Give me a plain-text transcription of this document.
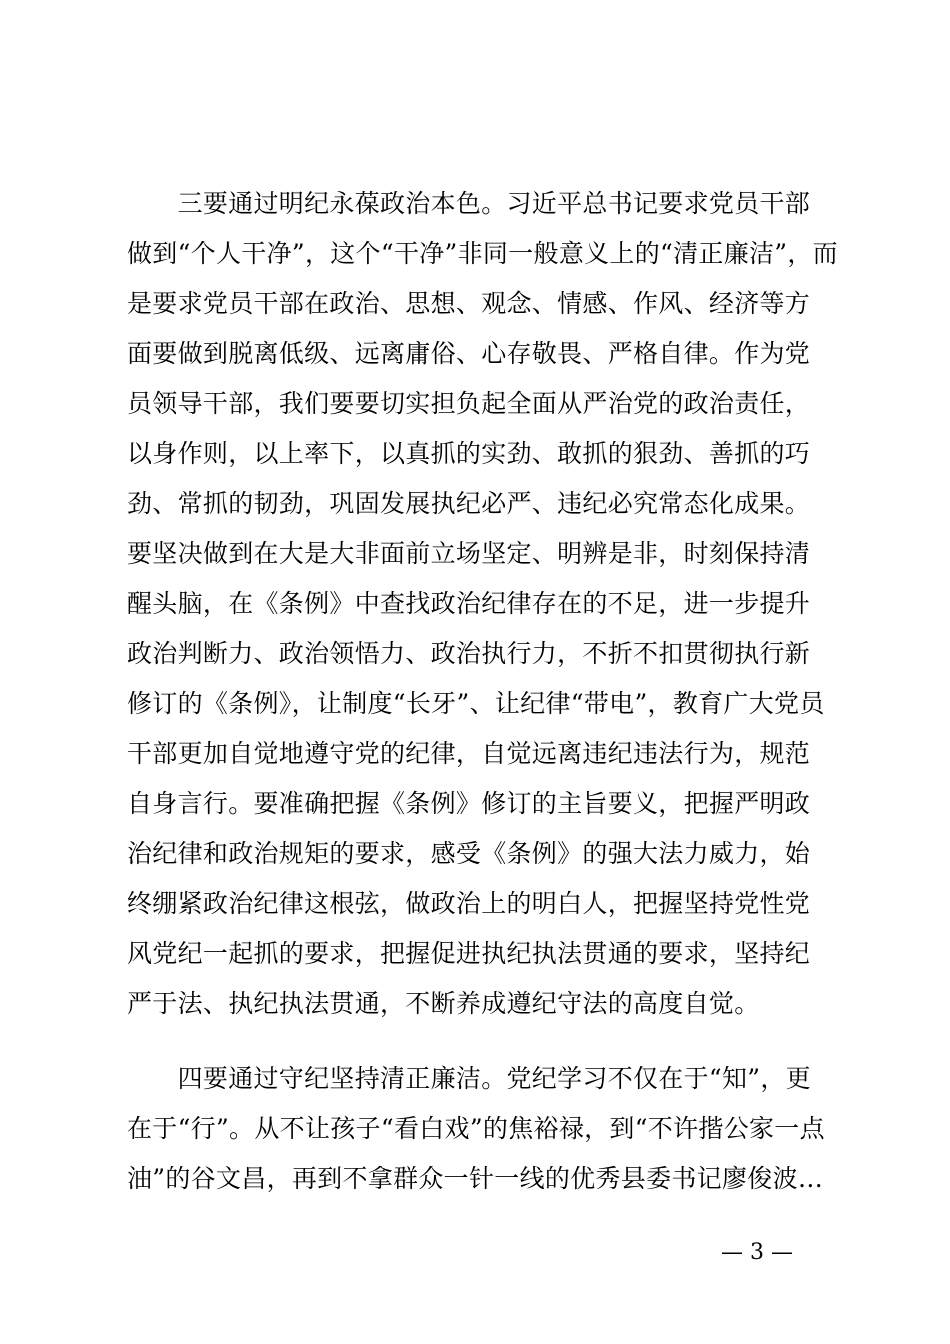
　　三要通过明纪永葆政治本色。习近平总书记要求党员干部
做到“个人干净”，这个“干净”非同一般意义上的“清正廉洁”，而
是要求党员干部在政治、思想、观念、情感、作风、经济等方
面要做到脱离低级、远离庸俗、心存敬畏、严格自律。作为党
员领导干部，我们要要切实担负起全面从严治党的政治责任，
以身作则，以上率下，以真抓的实劲、敢抓的狠劲、善抓的巧
劲、常抓的韧劲，巩固发展执纪必严、违纪必究常态化成果。
要坚决做到在大是大非面前立场坚定、明辨是非，时刻保持清
醒头脑，在《条例》中查找政治纪律存在的不足，进一步提升
政治判断力、政治领悟力、政治执行力，不折不扣贯彻执行新
修订的《条例》，让制度“长牙”、让纪律“带电”，教育广大党员
干部更加自觉地遵守党的纪律，自觉远离违纪违法行为，规范
自身言行。要准确把握《条例》修订的主旨要义，把握严明政
治纪律和政治规矩的要求，感受《条例》的强大法力威力，始
终绷紧政治纪律这根弦，做政治上的明白人，把握坚持党性党
风党纪一起抓的要求，把握促进执纪执法贯通的要求，坚持纪
严于法、执纪执法贯通，不断养成遵纪守法的高度自觉。
　　四要通过守纪坚持清正廉洁。党纪学习不仅在于“知”，更
在于“行”。从不让孩子“看白戏”的焦裕禄，到“不许揩公家一点
油”的谷文昌，再到不拿群众一针一线的优秀县委书记廖俊波…
— 3 —
